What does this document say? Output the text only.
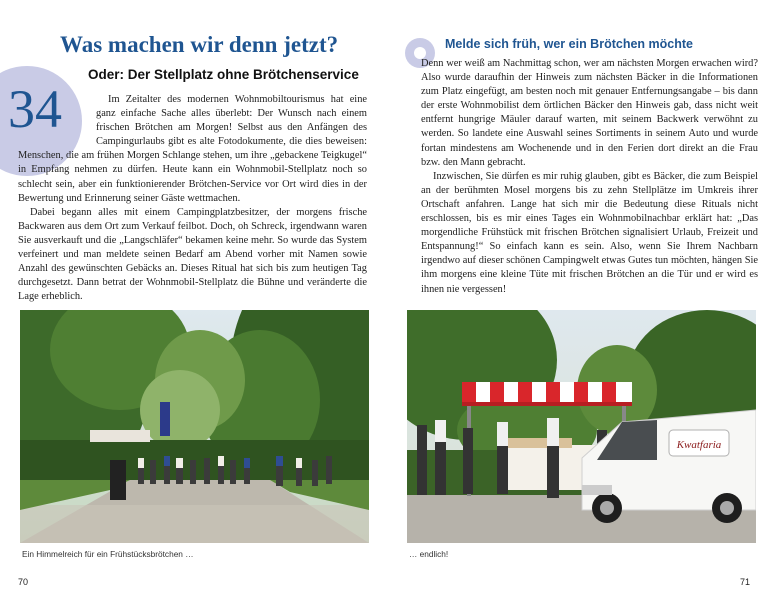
Was machen wir denn jetzt?
Oder: Der Stellplatz ohne Brötchenservice
34	Im Zeitalter des modernen Wohnmobiltourismus hat eine ganz einfache Sache alles überlebt: Der Wunsch nach einem frischen Brötchen am Morgen! Selbst aus den Anfängen des Campingurlaubs gibt es alte Fotodokumente, die dies beweisen: Menschen, die am frühen Morgen Schlange stehen, um ihre „gebackene Teigkugel“ in Empfang nehmen zu dürfen. Heute kann ein Wohnmobil-Stellplatz noch so schlecht sein, aber ein funktionierender Brötchen-Service vor Ort wird dies in der Bewertung und Erinnerung seiner Gäste wettmachen.

Dabei begann alles mit einem Campingplatzbesitzer, der morgens frische Backwaren aus dem Ort zum Verkauf feilbot. Doch, oh Schreck, irgendwann waren Sie ausverkauft und die „Langschläfer“ bekamen keine mehr. So wurde das System verfeinert und man meldete seinen Bedarf am Abend vorher mit Namen sowie Anzahl des gewünschten Gebäcks an. Dieses Ritual hat sich bis zum heutigen Tag durchgesetzt. Dann betrat der Wohnmobil-Stellplatz die Bühne und veränderte die Lage erheblich.

Ein Himmelreich für ein Frühstücksbrötchen …
70
Melde sich früh, wer ein Brötchen möchte

Denn wer weiß am Nachmittag schon, wer am nächsten Morgen erwachen wird? Also wurde daraufhin der Hinweis zum nächsten Bäcker in die Informationen zum Platz eingefügt, am besten noch mit genauer Entfernungsangabe – bis dann der erste Wohnmobilist dem örtlichen Bäcker den Hinweis gab, dass nicht weit entfernt hungrige Mäuler darauf warten, mit seinem Backwerk verwöhnt zu werden. So landete eine Auswahl seines Sortiments in seinem Auto und wurde fortan mindestens am Wochenende und in den Ferien dort direkt an die Frau bzw. den Mann gebracht.

Inzwischen, Sie dürfen es mir ruhig glauben, gibt es Bäcker, die zum Beispiel an der berühmten Mosel morgens bis zu zehn Stellplätze im Umkreis ihrer Ortschaft anfahren. Lange hat sich mir die Bedeutung diese Rituals nicht erschlossen, bis es mir eines Tages ein Wohnmobilnachbar erklärt hat: „Das morgendliche Frühstück mit frischen Brötchen signalisiert Urlaub, Freizeit und Entspannung!“ So einfach kann es sein. Also, wenn Sie Ihrem Nachbarn irgendwo auf dieser schönen Campingwelt etwas Gutes tun möchten, hängen Sie ihm morgens eine kleine Tüte mit frischen Brötchen an die Tür und er wird es ihnen nie vergessen!

Kwatfaria
… endlich!
71
